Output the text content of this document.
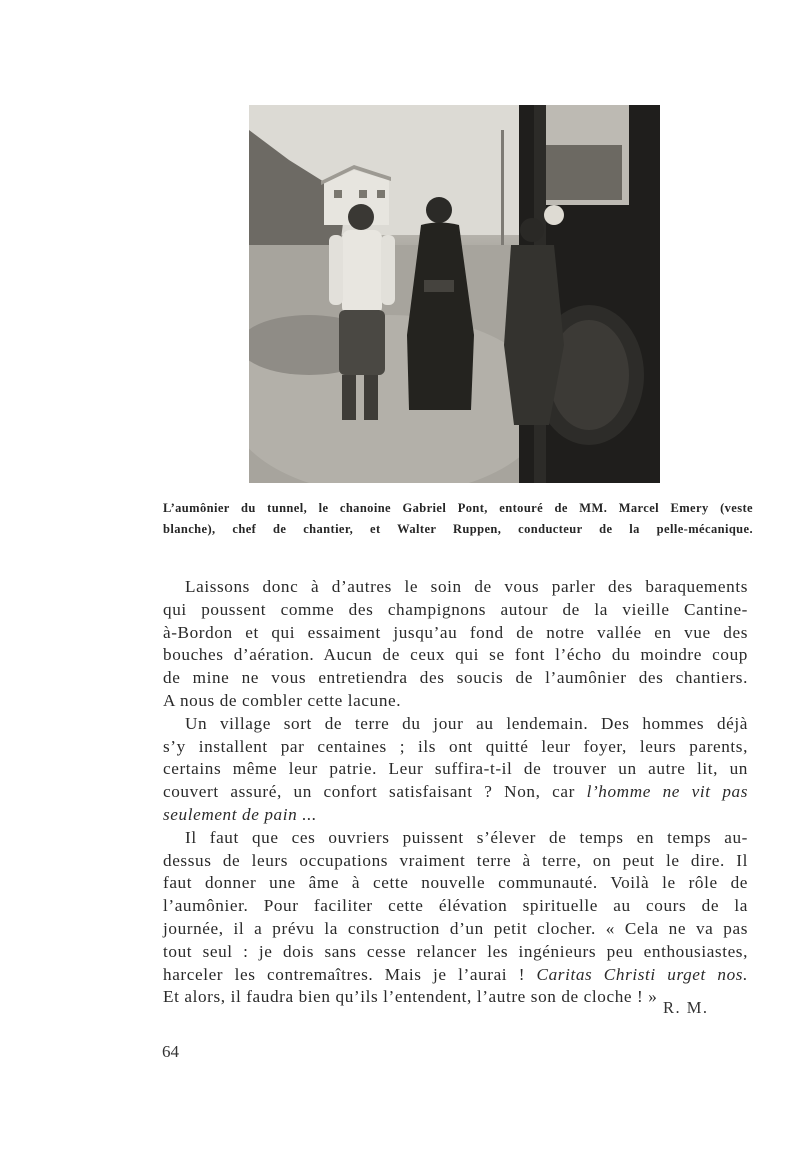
L’aumônier du tunnel, le chanoine Gabriel Pont, entouré de MM. Marcel Emery (veste
blanche), chef de chantier, et Walter Ruppen, conducteur de la pelle-mécanique.
Laissons donc à d’autres le soin de vous parler des baraquements
qui poussent comme des champignons autour de la vieille Cantine-
à-Bordon et qui essaiment jusqu’au fond de notre vallée en vue des
bouches d’aération. Aucun de ceux qui se font l’écho du moindre coup
de mine ne vous entretiendra des soucis de l’aumônier des chantiers.
A nous de combler cette lacune.
Un village sort de terre du jour au lendemain. Des hommes déjà
s’y installent par centaines ; ils ont quitté leur foyer, leurs parents,
certains même leur patrie. Leur suffira-t-il de trouver un autre lit, un
couvert assuré, un confort satisfaisant ? Non, car l’homme ne vit pas
seulement de pain ...
Il faut que ces ouvriers puissent s’élever de temps en temps au-
dessus de leurs occupations vraiment terre à terre, on peut le dire. Il
faut donner une âme à cette nouvelle communauté. Voilà le rôle de
l’aumônier. Pour faciliter cette élévation spirituelle au cours de la
journée, il a prévu la construction d’un petit clocher. « Cela ne va pas
tout seul : je dois sans cesse relancer les ingénieurs peu enthousiastes,
harceler les contremaîtres. Mais je l’aurai ! Caritas Christi urget nos.
Et alors, il faudra bien qu’ils l’entendent, l’autre son de cloche ! »
R. M.
64
